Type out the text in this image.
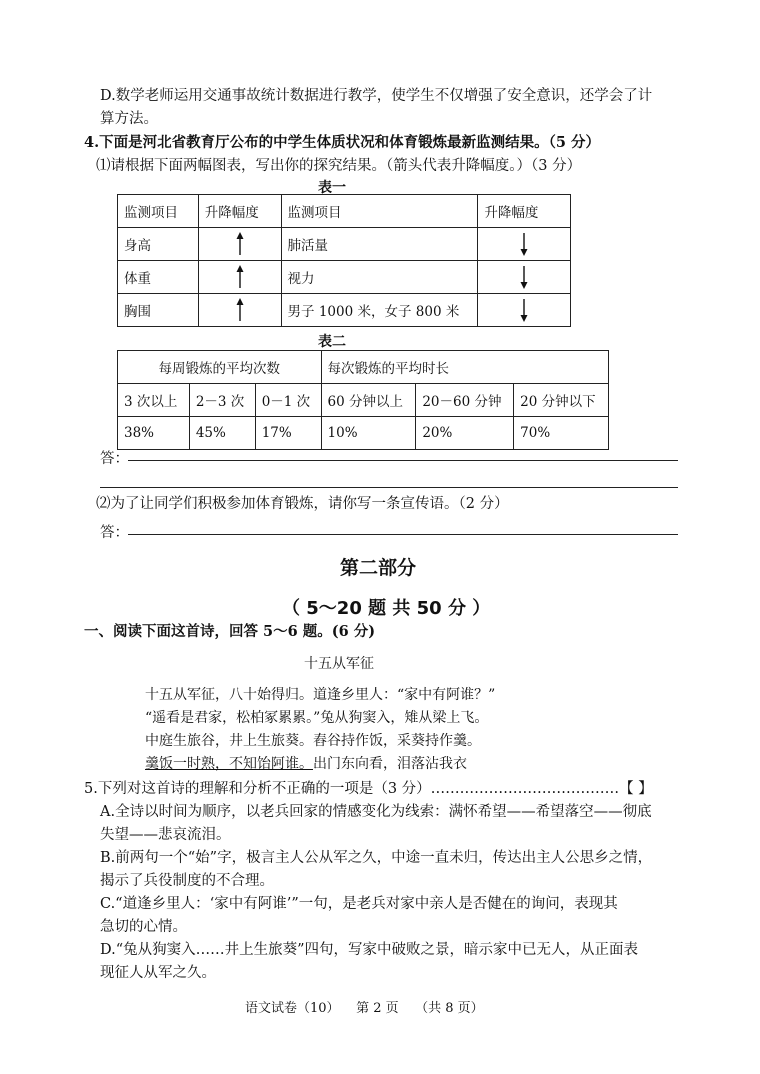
D.数学老师运用交通事故统计数据进行教学，使学生不仅增强了安全意识，还学会了计
算方法。
4.下面是河北省教育厅公布的中学生体质状况和体育锻炼最新监测结果。（5 分）
⑴请根据下面两幅图表，写出你的探究结果。（箭头代表升降幅度。）（3 分）
表一
监测项目	升降幅度	监测项目	升降幅度
身高		肺活量	

体重		视力	

胸围		男子 1000 米，女子 800 米	
表二
每周锻炼的平均次数			每次锻炼的平均时长		
3 次以上	2－3 次	0－1 次	60 分钟以上	20－60 分钟	20 分钟以下
38%	45%	17%	10%	20%	70%
答：
⑵为了让同学们积极参加体育锻炼，请你写一条宣传语。（2 分）
答：
第二部分
（ 5～20 题 共 50 分 ）
一、阅读下面这首诗，回答 5～6 题。(6 分)
十五从军征
十五从军征，八十始得归。道逢乡里人：“家中有阿谁？”
“遥看是君家，松柏冢累累。”兔从狗窦入，雉从梁上飞。
中庭生旅谷，井上生旅葵。舂谷持作饭，采葵持作羹。
羹饭一时熟，不知饴阿谁。出门东向看，泪落沾我衣
5.下列对这首诗的理解和分析不正确的一项是（3 分）…………………………………【 】
A.全诗以时间为顺序，以老兵回家的情感变化为线索：满怀希望——希望落空——彻底
失望——悲哀流泪。
B.前两句一个“始”字，极言主人公从军之久，中途一直未归，传达出主人公思乡之情，
揭示了兵役制度的不合理。
C.“道逢乡里人：‘家中有阿谁’”一句，是老兵对家中亲人是否健在的询问，表现其
急切的心情。
D.“兔从狗窦入……井上生旅葵”四句，写家中破败之景，暗示家中已无人，从正面表
现征人从军之久。
语文试卷（10）    第 2 页    （共 8 页）
